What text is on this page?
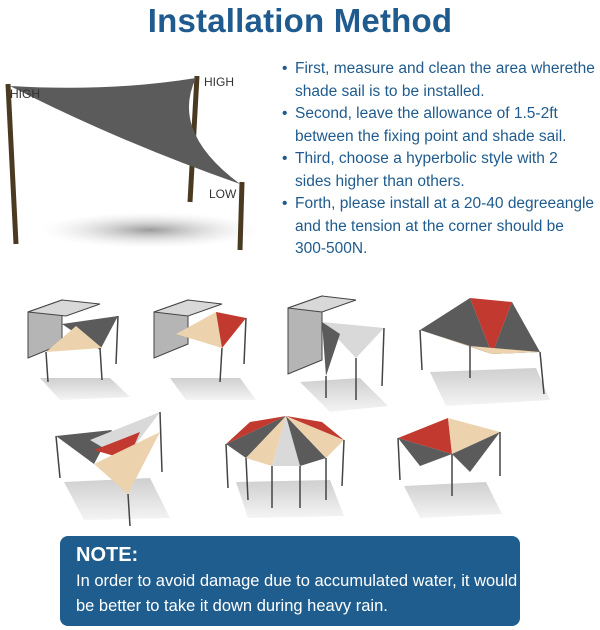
Installation Method
HIGH
HIGH
LOW
• First, measure and clean the area wherethe shade sail is to be installed.
• Second, leave the allowance of 1.5-2ft between the fixing point and shade sail.
• Third, choose a hyperbolic style with 2 sides higher than others.
• Forth, please install at a 20-40 degreeangle and the tension at the corner should be 300-500N.
NOTE:
In order to avoid damage due to accumulated water, it would be better to take it down during heavy rain.
